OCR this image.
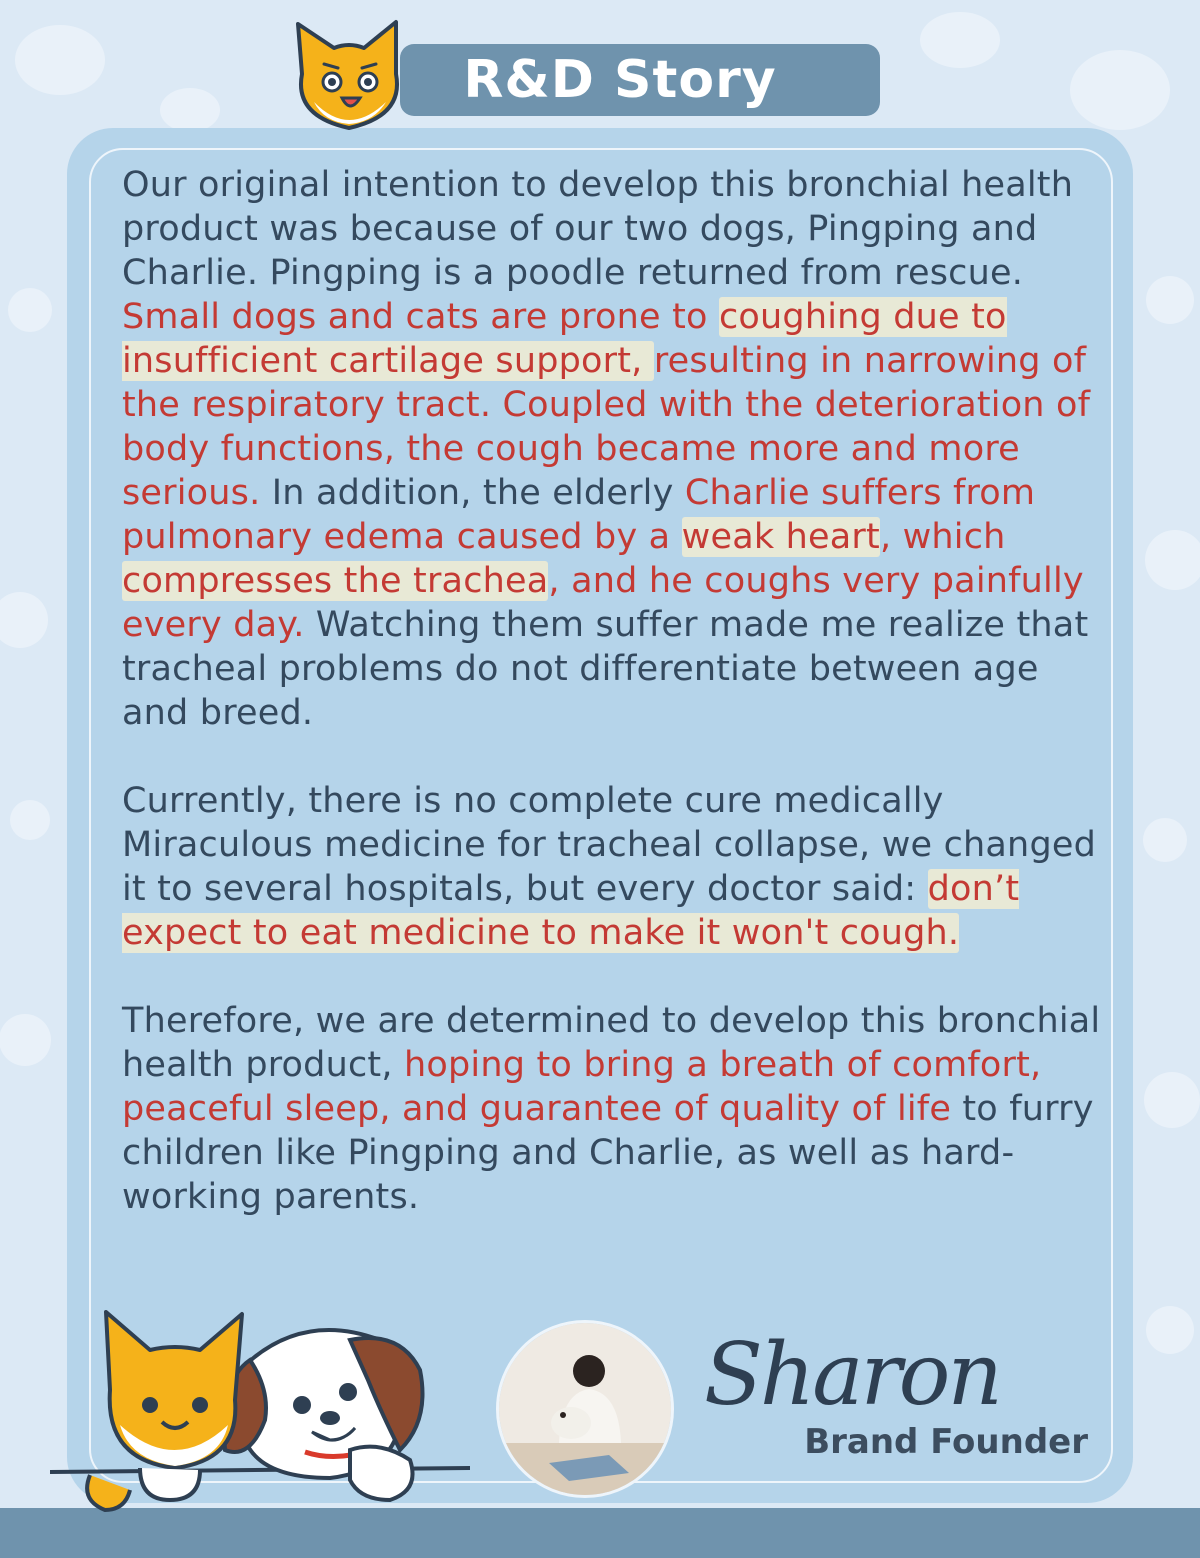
R&D Story

Our original intention to develop this bronchial health product was because of our two dogs, Pingping and Charlie. Pingping is a poodle returned from rescue. Small dogs and cats are prone to coughing due to insufficient cartilage support, resulting in narrowing of the respiratory tract. Coupled with the deterioration of body functions, the cough became more and more serious. In addition, the elderly Charlie suffers from pulmonary edema caused by a weak heart, which compresses the trachea, and he coughs very painfully every day. Watching them suffer made me realize that tracheal problems do not differentiate between age and breed.

Currently, there is no complete cure medically Miraculous medicine for tracheal collapse, we changed it to several hospitals, but every doctor said: don’t expect to eat medicine to make it won't cough.

Therefore, we are determined to develop this bronchial health product, hoping to bring a breath of comfort, peaceful sleep, and guarantee of quality of life to furry children like Pingping and Charlie, as well as hard-working parents.

Sharon
Brand Founder
